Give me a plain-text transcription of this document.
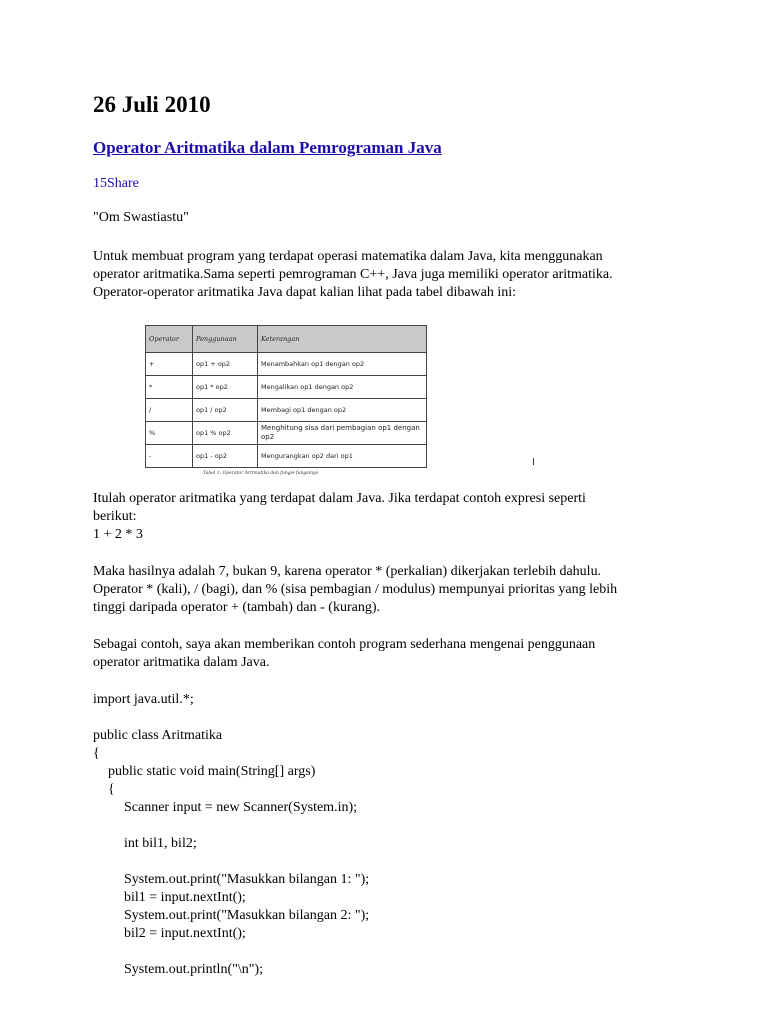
26 Juli 2010
Operator Aritmatika dalam Pemrograman Java
15Share

"Om Swastiastu"

Untuk membuat program yang terdapat operasi matematika dalam Java, kita menggunakan

operator aritmatika.Sama seperti pemrograman C++, Java juga memiliki operator aritmatika.

Operator-operator aritmatika Java dapat kalian lihat pada tabel dibawah ini:

Operator	Penggunaan	Keterangan
+	op1 + op2	Menambahkan op1 dengan op2
*	op1 * op2	Mengalikan op1 dengan op2
/	op1 / op2	Membagi op1 dengan op2
%	op1 % op2	Menghitung sisa dari pembagian op1 dengan op2
-	op1 - op2	Mengurangkan op2 dari op1
Tabel 1: Operator Aritmatika dan fungsi-fungsinya

Itulah operator aritmatika yang terdapat dalam Java. Jika terdapat contoh expresi seperti

berikut:

1 + 2 * 3

Maka hasilnya adalah 7, bukan 9, karena operator * (perkalian) dikerjakan terlebih dahulu.

Operator * (kali), / (bagi), dan % (sisa pembagian / modulus) mempunyai prioritas yang lebih

tinggi daripada operator + (tambah) dan - (kurang).

Sebagai contoh, saya akan memberikan contoh program sederhana mengenai penggunaan

operator aritmatika dalam Java.

import java.util.*;

public class Aritmatika

{

public static void main(String[] args)

{

Scanner input = new Scanner(System.in);

int bil1, bil2;

System.out.print("Masukkan bilangan 1: ");

bil1 = input.nextInt();

System.out.print("Masukkan bilangan 2: ");

bil2 = input.nextInt();

System.out.println("\n");
